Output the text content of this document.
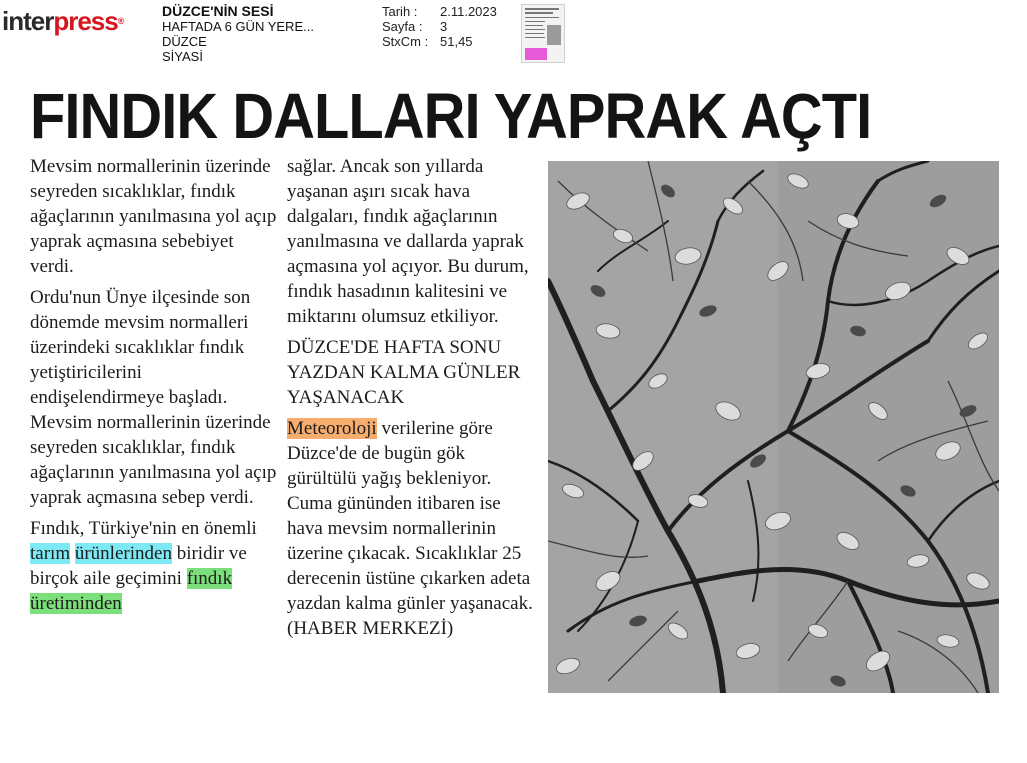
interpress®
DÜZCE'NİN SESİ
HAFTADA 6 GÜN YERE...
DÜZCE
SİYASİ
Tarih :	2.11.2023
Sayfa :	3
StxCm : 51,45
FINDIK DALLARI YAPRAK AÇTI

Mevsim normallerinin üzerinde seyreden sıcaklıklar, fındık ağaçlarının yanılmasına yol açıp yaprak açmasına sebebiyet verdi.

Ordu'nun Ünye ilçesinde son dönemde mevsim normalleri üzerindeki sıcaklıklar fındık yetiştiricilerini endişelendirmeye başladı. Mevsim normallerinin üzerinde seyreden sıcaklıklar, fındık ağaçlarının yanılmasına yol açıp yaprak açmasına sebep verdi.

Fındık, Türkiye'nin en önemli tarım ürünlerinden biridir ve birçok aile geçimini fındık üretiminden

sağlar. Ancak son yıllarda yaşanan aşırı sıcak hava dalgaları, fındık ağaçlarının yanılmasına ve dallarda yaprak açmasına yol açıyor. Bu durum, fındık hasadının kalitesini ve miktarını olumsuz etkiliyor.

DÜZCE'DE HAFTA SONU YAZDAN KALMA GÜNLER YAŞANACAK

Meteoroloji verilerine göre Düzce'de de bugün gök gürültülü yağış bekleniyor. Cuma gününden itibaren ise hava mevsim normallerinin üzerine çıkacak. Sıcaklıklar 25 derecenin üstüne çıkarken adeta yazdan kalma günler yaşanacak. (HABER MERKEZİ)
